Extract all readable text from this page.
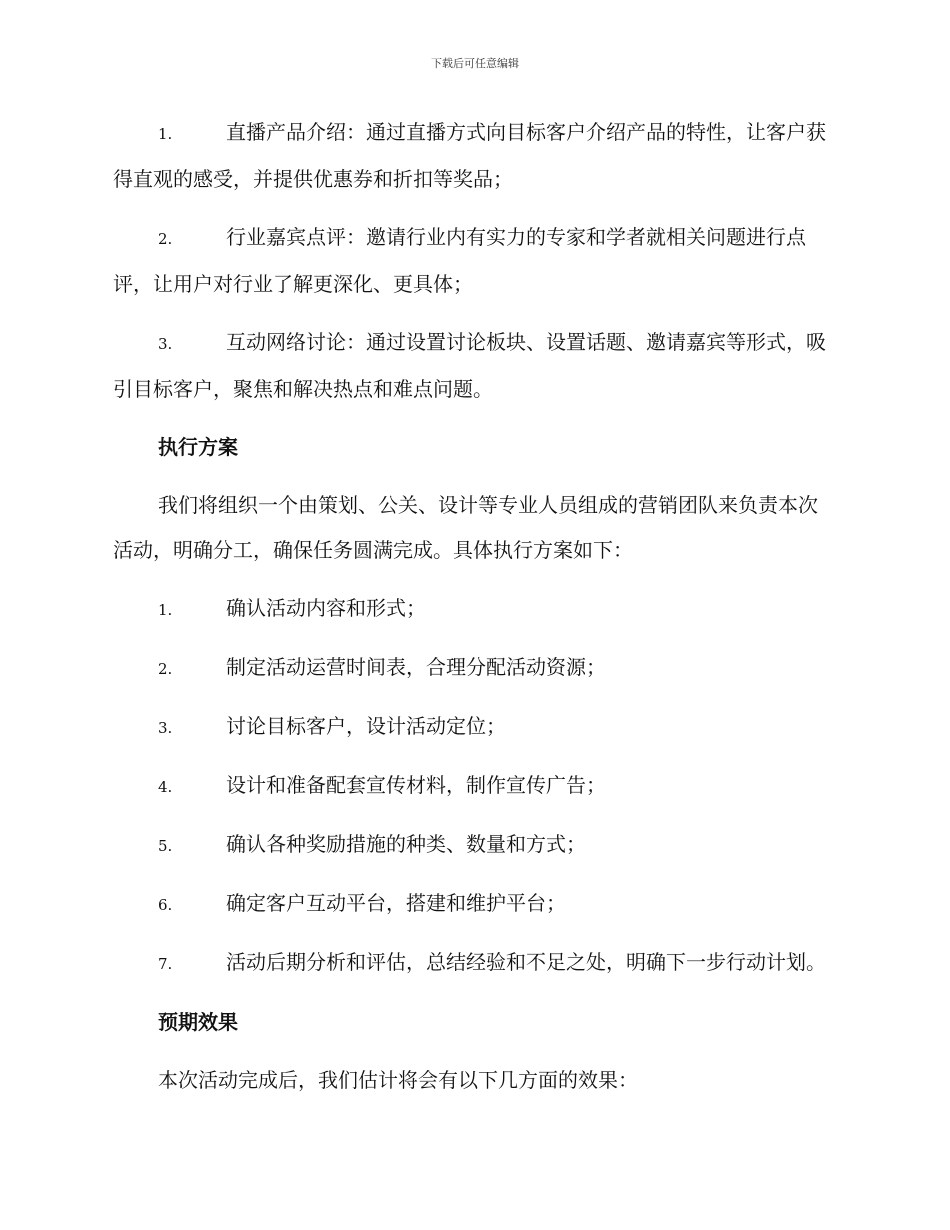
下载后可任意编辑
1.	直播产品介绍：通过直播方式向目标客户介绍产品的特性，让客户获得直观的感受，并提供优惠券和折扣等奖品；
2.	行业嘉宾点评：邀请行业内有实力的专家和学者就相关问题进行点评，让用户对行业了解更深化、更具体；
3.	互动网络讨论：通过设置讨论板块、设置话题、邀请嘉宾等形式，吸引目标客户，聚焦和解决热点和难点问题。
执行方案
我们将组织一个由策划、公关、设计等专业人员组成的营销团队来负责本次活动，明确分工，确保任务圆满完成。具体执行方案如下：
1.	确认活动内容和形式；
2.	制定活动运营时间表，合理分配活动资源；
3.	讨论目标客户，设计活动定位；
4.	设计和准备配套宣传材料，制作宣传广告；
5.	确认各种奖励措施的种类、数量和方式；
6.	确定客户互动平台，搭建和维护平台；
7.	活动后期分析和评估，总结经验和不足之处，明确下一步行动计划。
预期效果
本次活动完成后，我们估计将会有以下几方面的效果：
